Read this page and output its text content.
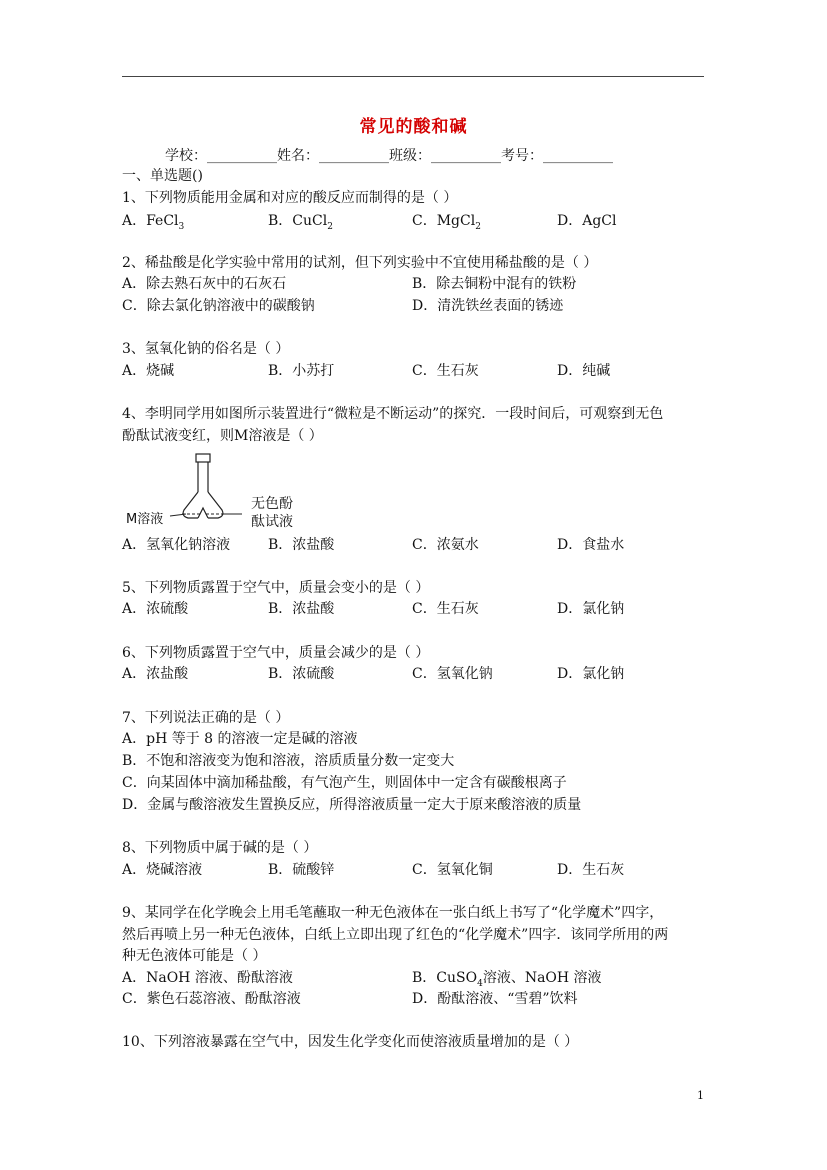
常见的酸和碱
学校：__________姓名：__________班级：__________考号：__________
一、单选题()
1、下列物质能用金属和对应的酸反应而制得的是（ ）
A．FeCl$_3$	B．CuCl$_2$	C．MgCl$_2$	D．AgCl
2、稀盐酸是化学实验中常用的试剂，但下列实验中不宜使用稀盐酸的是（ ）
A．除去熟石灰中的石灰石	B．除去铜粉中混有的铁粉
C．除去氯化钠溶液中的碳酸钠	D．清洗铁丝表面的锈迹
3、氢氧化钠的俗名是（ ）
A．烧碱	B．小苏打	C．生石灰	D．纯碱
4、李明同学用如图所示装置进行“微粒是不断运动”的探究．一段时间后，可观察到无色
酚酞试液变红，则M溶液是（ ）
M溶液
无色酚
酞试液
A．氢氧化钠溶液	B．浓盐酸	C．浓氨水	D．食盐水
5、下列物质露置于空气中，质量会变小的是（ ）
A．浓硫酸	B．浓盐酸	C．生石灰	D．氯化钠
6、下列物质露置于空气中，质量会减少的是（ ）
A．浓盐酸	B．浓硫酸	C．氢氧化钠	D．氯化钠
7、下列说法正确的是（ ）
A．pH 等于 8 的溶液一定是碱的溶液
B．不饱和溶液变为饱和溶液，溶质质量分数一定变大
C．向某固体中滴加稀盐酸，有气泡产生，则固体中一定含有碳酸根离子
D．金属与酸溶液发生置换反应，所得溶液质量一定大于原来酸溶液的质量
8、下列物质中属于碱的是（ ）
A．烧碱溶液	B．硫酸锌	C．氢氧化铜	D．生石灰
9、某同学在化学晚会上用毛笔蘸取一种无色液体在一张白纸上书写了“化学魔术”四字，
然后再喷上另一种无色液体，白纸上立即出现了红色的“化学魔术”四字．该同学所用的两
种无色液体可能是（ ）
A．NaOH 溶液、酚酞溶液	B．CuSO$_4$溶液、NaOH 溶液
C．紫色石蕊溶液、酚酞溶液	D．酚酞溶液、“雪碧”饮料
10、下列溶液暴露在空气中，因发生化学变化而使溶液质量增加的是（ ）
1
